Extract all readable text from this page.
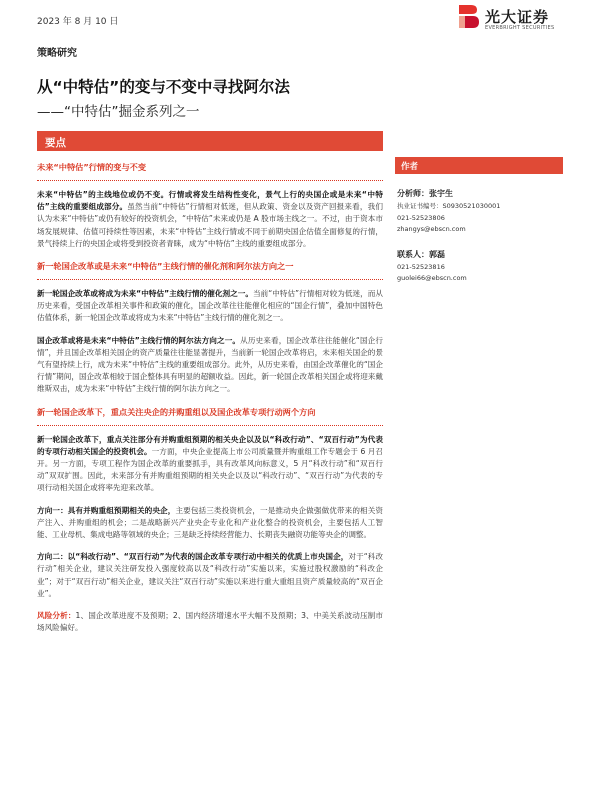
2023 年 8 月 10 日	光大证券
EVERBRIGHT SECURITIES
策略研究
从“中特估”的变与不变中寻找阿尔法
——“中特估”掘金系列之一
要点
未来“中特估”行情的变与不变

未来“中特估”的主线地位或仍不变。行情或将发生结构性变化，景气上行的央国企或是未来“中特估”主线的重要组成部分。虽然当前“中特估”行情相对低迷，但从政策、资金以及资产回报来看，我们认为未来“中特估”或仍有较好的投资机会，“中特估”未来或仍是 A 股市场主线之一。不过，由于资本市场发展规律、估值可持续性等因素，未来“中特估”主线行情或不同于前期央国企估值全面修复的行情，景气持续上行的央国企或将受到投资者青睐，成为“中特估”主线的重要组成部分。

新一轮国企改革或是未来“中特估”主线行情的催化剂和阿尔法方向之一

新一轮国企改革或将成为未来“中特估”主线行情的催化剂之一。当前“中特估”行情相对较为低迷，而从历史来看，受国企改革相关事件和政策的催化，国企改革往往能催化相应的“国企行情”，叠加中国特色估值体系，新一轮国企改革或将成为未来“中特估”主线行情的催化剂之一。

国企改革或将是未来“中特估”主线行情的阿尔法方向之一。从历史来看，国企改革往往能催化“国企行情”，并且国企改革相关国企的资产质量往往能显著提升，当前新一轮国企改革将启，未来相关国企的景气有望持续上行，成为未来“中特估”主线的重要组成部分。此外，从历史来看，由国企改革催化的“国企行情”期间，国企改革相较于国企整体具有明显的超额收益。因此，新一轮国企改革相关国企或将迎来戴维斯双击，成为未来“中特估”主线行情的阿尔法方向之一。

新一轮国企改革下，重点关注央企的并购重组以及国企改革专项行动两个方向

新一轮国企改革下，重点关注部分有并购重组预期的相关央企以及以“科改行动”、“双百行动”为代表的专项行动相关国企的投资机会。一方面，中央企业提高上市公司质量暨并购重组工作专题会于 6 月召开。另一方面，专项工程作为国企改革的重要抓手，具有改革风向标意义，5 月“科改行动”和“双百行动”双双扩围。因此，未来部分有并购重组预期的相关央企以及以“科改行动”、“双百行动”为代表的专项行动相关国企或将率先迎来改革。

方向一：具有并购重组预期相关的央企，主要包括三类投资机会，一是推动央企做强做优带来的相关资产注入、并购重组的机会；二是战略新兴产业央企专业化和产业化整合的投资机会，主要包括人工智能、工业母机、集成电路等领域的央企；三是缺乏持续经营能力、长期丧失融资功能等央企的调整。

方向二：以“科改行动”、“双百行动”为代表的国企改革专项行动中相关的优质上市央国企，对于“科改行动”相关企业，建议关注研发投入强度较高以及“科改行动”实施以来，实施过股权激励的“科改企业”；对于“双百行动”相关企业，建议关注“双百行动”实施以来进行重大重组且资产质量较高的“双百企业”。

风险分析：1、国企改革进度不及预期；2、国内经济增速水平大幅不及预期；3、中美关系波动压制市场风险偏好。

作者
分析师：张宇生
执业证书编号：S0930521030001
021-52523806
zhangys@ebscn.com
联系人：郭磊
021-52523816
guolei66@ebscn.com
